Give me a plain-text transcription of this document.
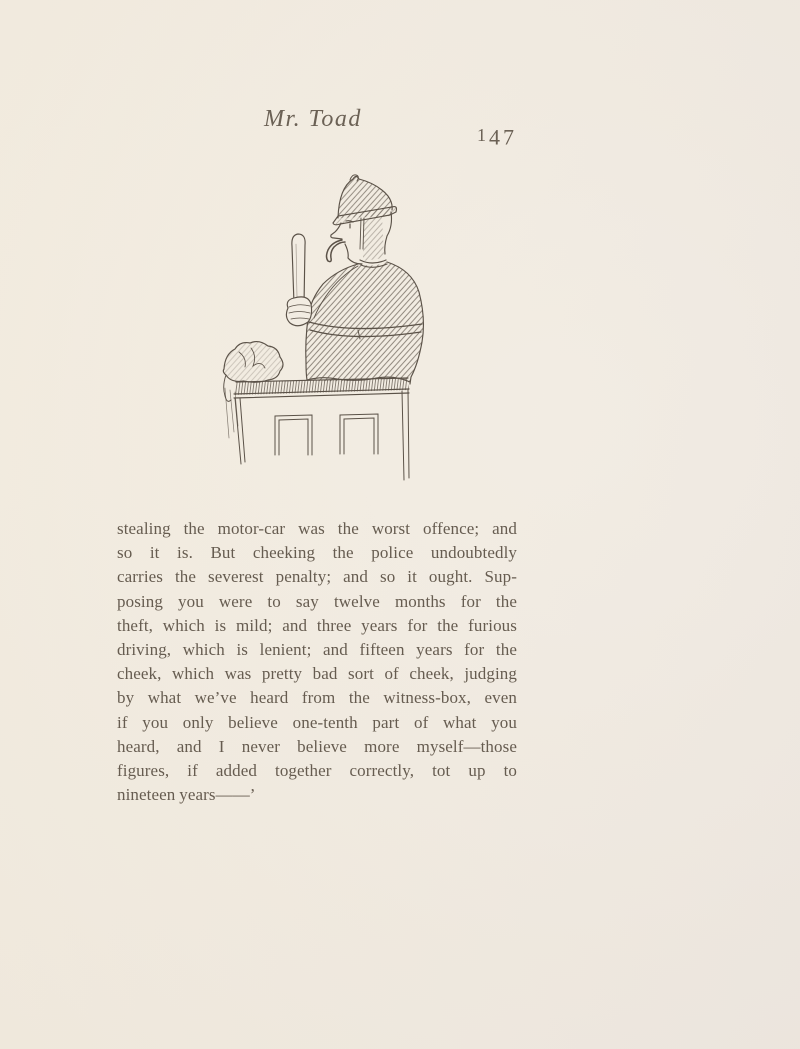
Mr. Toad
147
stealing the motor-car was the worst offence; and
so it is. But cheeking the police undoubtedly
carries the severest penalty; and so it ought. Sup-
posing you were to say twelve months for the
theft, which is mild; and three years for the furious
driving, which is lenient; and fifteen years for the
cheek, which was pretty bad sort of cheek, judging
by what we’ve heard from the witness-box, even
if you only believe one-tenth part of what you
heard, and I never believe more myself—those
figures, if added together correctly, tot up to
nineteen years——’
